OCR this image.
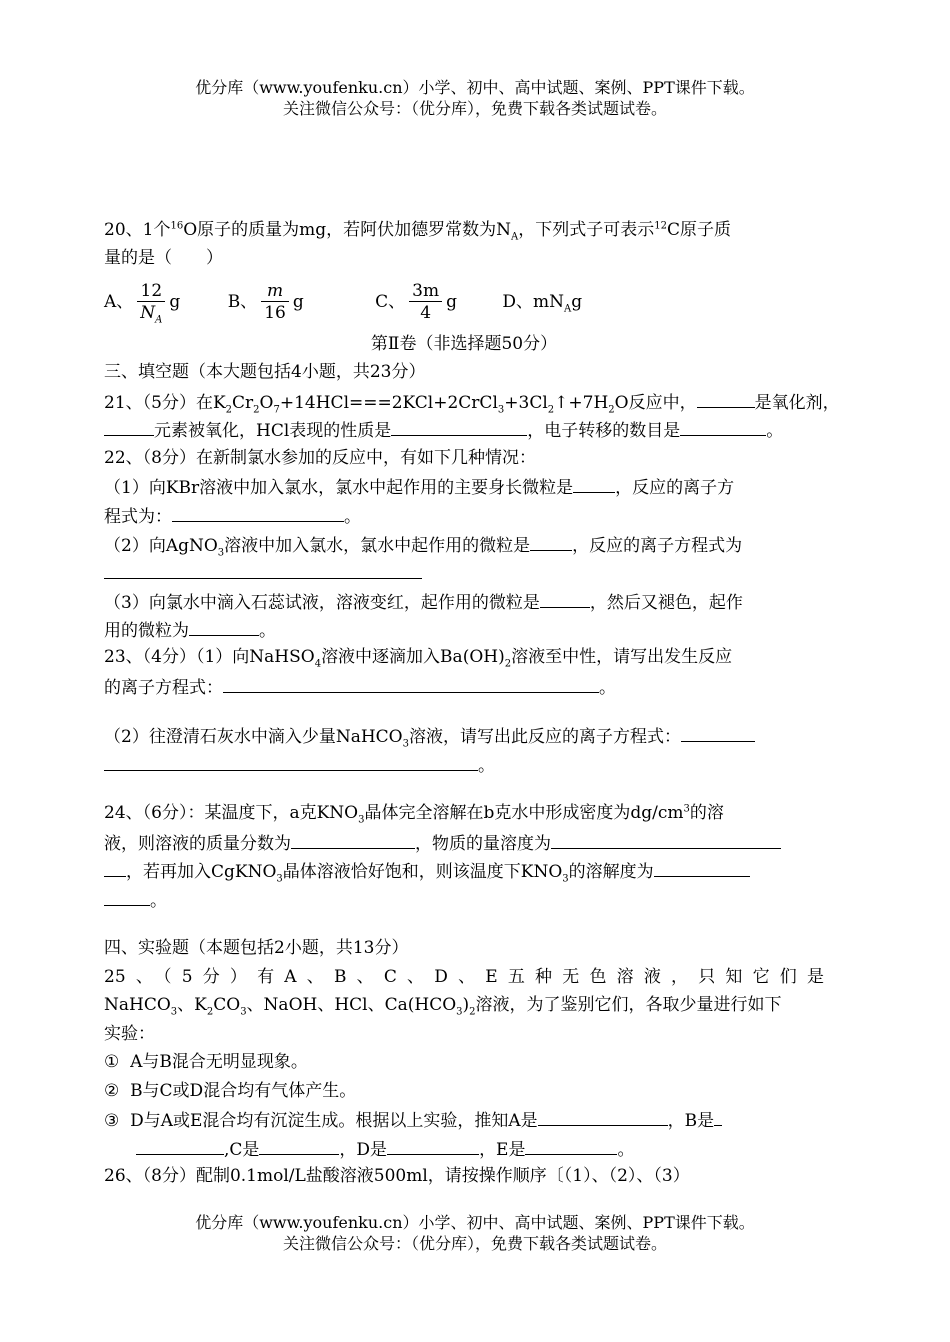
优分库（www.youfenku.cn）小学、初中、高中试题、案例、PPT课件下载。
关注微信公众号：（优分库），免费下载各类试题试卷。
20、1个$^{16}$O原子的质量为mg，若阿伏加德罗常数为$N_A$，下列式子可表示$^{12}$C原子质
量的是（　　）
A、 $\frac{12}{N_A}$ g	B、 $\frac{m}{16}$ g	C、 $\frac{3m}{4}$ g	D、$mN_Ag$
第Ⅱ卷（非选择题50分）
三、填空题（本大题包括4小题，共23分）
21、（5分）在$K_2Cr_2O_7+14HCl===2KCl+2CrCl_3+3Cl_2↑+7H_2O$反应中，	是氧化剂，
元素被氧化，HCl表现的性质是	，电子转移的数目是	。
22、（8分）在新制氯水参加的反应中，有如下几种情况：
（1）向KBr溶液中加入氯水，氯水中起作用的主要身长微粒是 ，反应的离子方
程式为：	。
（2）向AgNO$_3$溶液中加入氯水，氯水中起作用的微粒是 ，反应的离子方程式为
（3）向氯水中滴入石蕊试液，溶液变红，起作用的微粒是	，然后又褪色，起作
用的微粒为	。
23、（4分）（1）向NaHSO$_4$溶液中逐滴加入$Ba(OH)_2$溶液至中性，请写出发生反应
的离子方程式：	。
（2）往澄清石灰水中滴入少量NaHCO$_3$溶液，请写出此反应的离子方程式：
。
24、（6分）：某温度下，a克$KNO_3$晶体完全溶解在b克水中形成密度为$dg/cm^3$的溶
液，则溶液的质量分数为	，物质的量溶度为
，若再加入CgKNO$_3$晶体溶液恰好饱和，则该温度下$KNO_3$的溶解度为
。
四、实验题（本题包括2小题，共13分）
25、（5分）有A、B、C、D、E五种无色溶液，只知它们是
NaHCO$_3$、$K_2CO_3$、NaOH、HCl、$Ca(HCO_3)_2$溶液，为了鉴别它们，各取少量进行如下
实验：
① A与B混合无明显现象。
② B与C或D混合均有气体产生。
③ D与A或E混合均有沉淀生成。根据以上实验，推知A是	，B是
,C是	，D是	，E是	。
26、（8分）配制0.1mol/L盐酸溶液500ml，请按操作顺序〔（1）、（2）、（3）
优分库（www.youfenku.cn）小学、初中、高中试题、案例、PPT课件下载。
关注微信公众号：（优分库），免费下载各类试题试卷。
